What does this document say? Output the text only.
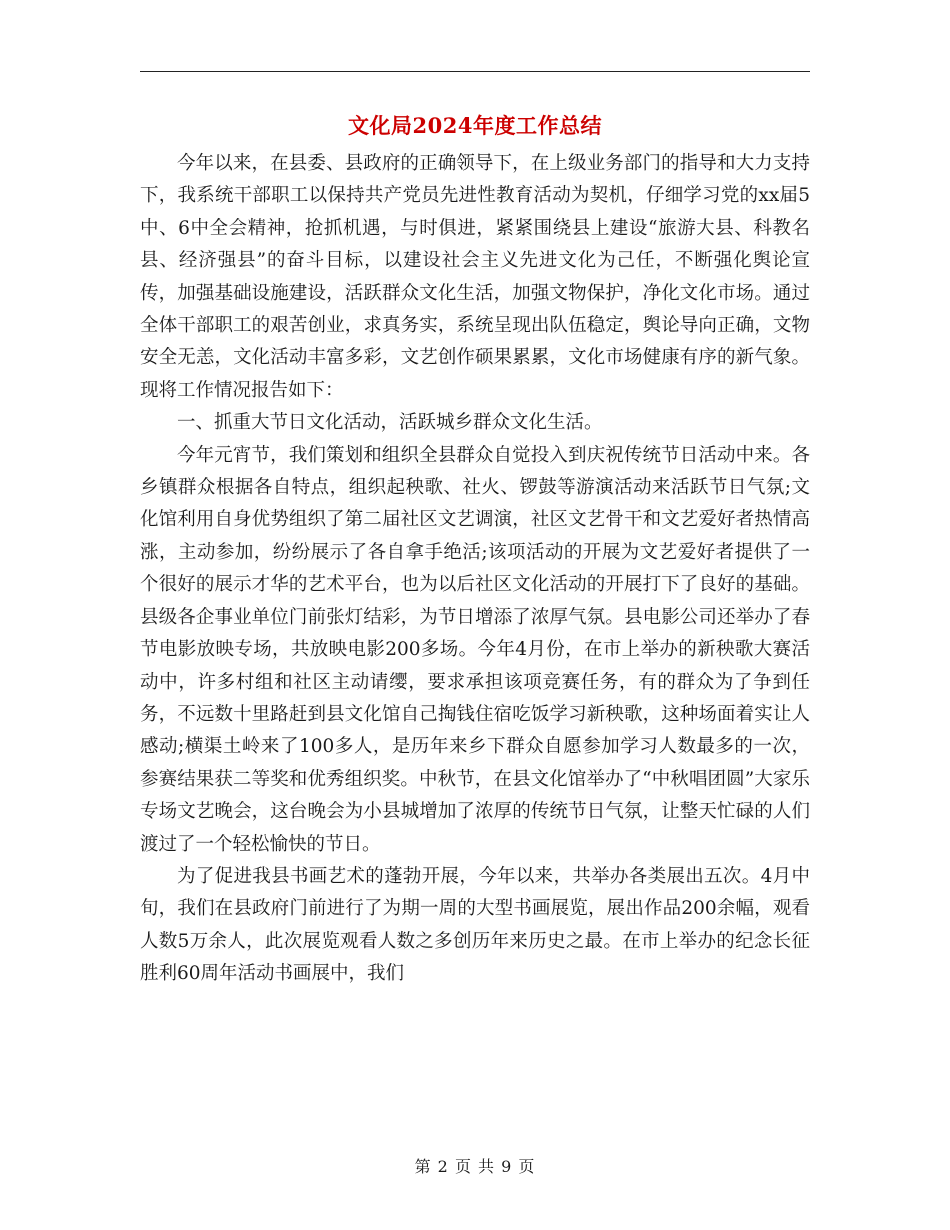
文化局2024年度工作总结

今年以来，在县委、县政府的正确领导下，在上级业务部门的指导和大力支持下，我系统干部职工以保持共产党员先进性教育活动为契机，仔细学习党的xx届5中、6中全会精神，抢抓机遇，与时俱进，紧紧围绕县上建设“旅游大县、科教名县、经济强县”的奋斗目标，以建设社会主义先进文化为己任，不断强化舆论宣传，加强基础设施建设，活跃群众文化生活，加强文物保护，净化文化市场。通过全体干部职工的艰苦创业，求真务实，系统呈现出队伍稳定，舆论导向正确，文物安全无恙，文化活动丰富多彩，文艺创作硕果累累，文化市场健康有序的新气象。现将工作情况报告如下：

一、抓重大节日文化活动，活跃城乡群众文化生活。

今年元宵节，我们策划和组织全县群众自觉投入到庆祝传统节日活动中来。各乡镇群众根据各自特点，组织起秧歌、社火、锣鼓等游演活动来活跃节日气氛;文化馆利用自身优势组织了第二届社区文艺调演，社区文艺骨干和文艺爱好者热情高涨，主动参加，纷纷展示了各自拿手绝活;该项活动的开展为文艺爱好者提供了一个很好的展示才华的艺术平台，也为以后社区文化活动的开展打下了良好的基础。县级各企事业单位门前张灯结彩，为节日增添了浓厚气氛。县电影公司还举办了春节电影放映专场，共放映电影200多场。今年4月份，在市上举办的新秧歌大赛活动中，许多村组和社区主动请缨，要求承担该项竞赛任务，有的群众为了争到任务，不远数十里路赶到县文化馆自己掏钱住宿吃饭学习新秧歌，这种场面着实让人感动;横渠土岭来了100多人，是历年来乡下群众自愿参加学习人数最多的一次，参赛结果获二等奖和优秀组织奖。中秋节，在县文化馆举办了“中秋唱团圆”大家乐专场文艺晚会，这台晚会为小县城增加了浓厚的传统节日气氛，让整天忙碌的人们渡过了一个轻松愉快的节日。

为了促进我县书画艺术的蓬勃开展，今年以来，共举办各类展出五次。4月中旬，我们在县政府门前进行了为期一周的大型书画展览，展出作品200余幅，观看人数5万余人，此次展览观看人数之多创历年来历史之最。在市上举办的纪念长征胜利60周年活动书画展中，我们

第 2 页 共 9 页
